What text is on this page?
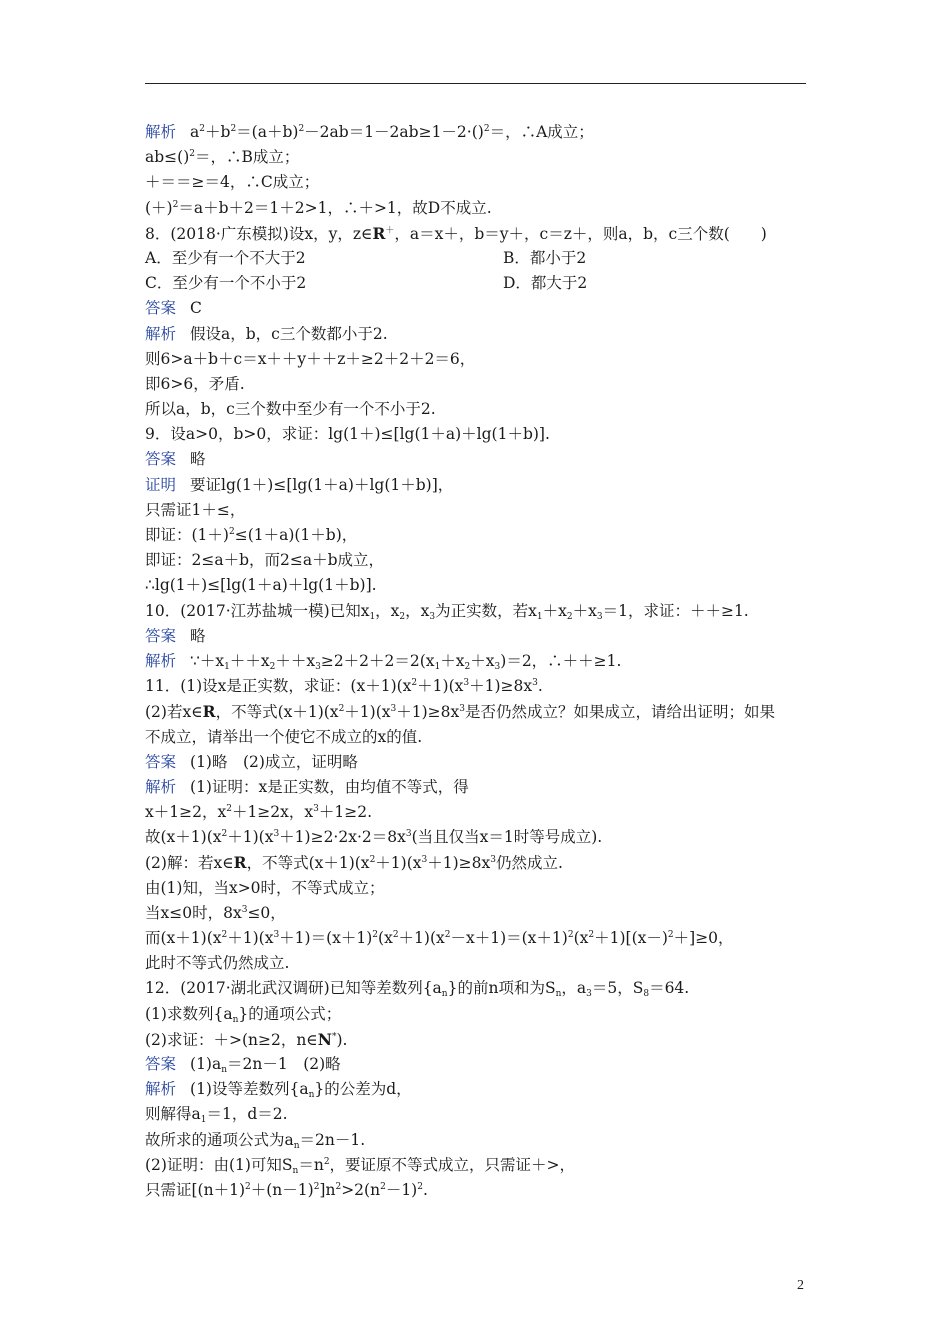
解析 $a^2+b^2=(a+b)^2-2ab=1-2ab\ge 1-2\cdot()^2=$，∴A成立；
ab≤()$^2$＝，∴B成立；
＋＝＝≥＝4，∴C成立；
$(+)^2=a+b+2=1+2>1$，∴＋>1，故D不成立.
8．(2018·广东模拟)设x，y，z∈R＋，a＝x＋，b＝y＋，c＝z＋，则a，b，c三个数(　　)
A．至少有一个不大于2	B．都小于2
C．至少有一个不小于2	D．都大于2
答案 C
解析 假设a，b，c三个数都小于2.
则6>a＋b＋c＝x＋＋y＋＋z＋≥2＋2＋2＝6，
即6>6，矛盾.
所以a，b，c三个数中至少有一个不小于2.
9．设a>0，b>0，求证：lg(1＋)≤[lg(1＋a)＋lg(1＋b)].
答案 略
证明 要证lg(1＋)≤[lg(1＋a)＋lg(1＋b)]，
只需证1＋≤，
即证：$(1+)^2\le(1+a)(1+b)$，
即证：2≤a＋b，而2≤a＋b成立，
∴lg(1＋)≤[lg(1＋a)＋lg(1＋b)].
10．(2017·江苏盐城一模)已知$x_1$，$x_2$，$x_3$为正实数，若$x_1+x_2+x_3=1$，求证：＋＋≥1.
答案 略
解析 $\because+x_1++x_2++x_3\ge 2+2+2=2(x_1+x_2+x_3)=2$，∴＋＋≥1.
11．(1)设x是正实数，求证：$(x+1)(x^2+1)(x^3+1)\ge 8x^3$.
(2)若x∈R，不等式$(x+1)(x^2+1)(x^3+1)\ge 8x^3$是否仍然成立？如果成立，请给出证明；如果
不成立，请举出一个使它不成立的x的值.
答案 (1)略　(2)成立，证明略
解析 (1)证明：x是正实数，由均值不等式，得
x＋1≥2，$x^2+1\ge 2x$，$x^3+1\ge 2$.
故$(x+1)(x^2+1)(x^3+1)\ge 2\cdot 2x\cdot 2=8x^3$(当且仅当x＝1时等号成立).
(2)解：若x∈R，不等式$(x+1)(x^2+1)(x^3+1)\ge 8x^3$仍然成立.
由(1)知，当x>0时，不等式成立；
当x≤0时，$8x^3\le 0$，
而$(x+1)(x^2+1)(x^3+1)=(x+1)^2(x^2+1)(x^2-x+1)=(x+1)^2(x^2+1)[(x-)^2+]\ge 0$，
此时不等式仍然成立.
12．(2017·湖北武汉调研)已知等差数列$\{a_n\}$的前n项和为$S_n$，$a_3=5$，$S_8=64$.
(1)求数列$\{a_n\}$的通项公式；
(2)求证：＋>(n≥2，n∈N*).
答案 $(1)a_n=2n-1$　(2)略
解析 (1)设等差数列$\{a_n\}$的公差为d，
则解得$a_1=1$，d＝2.
故所求的通项公式为$a_n=2n-1$.
(2)证明：由(1)可知$S_n=n^2$，要证原不等式成立，只需证＋>，
只需证$[(n+1)^2+(n-1)^2]n^2>2(n^2-1)^2$.
2
